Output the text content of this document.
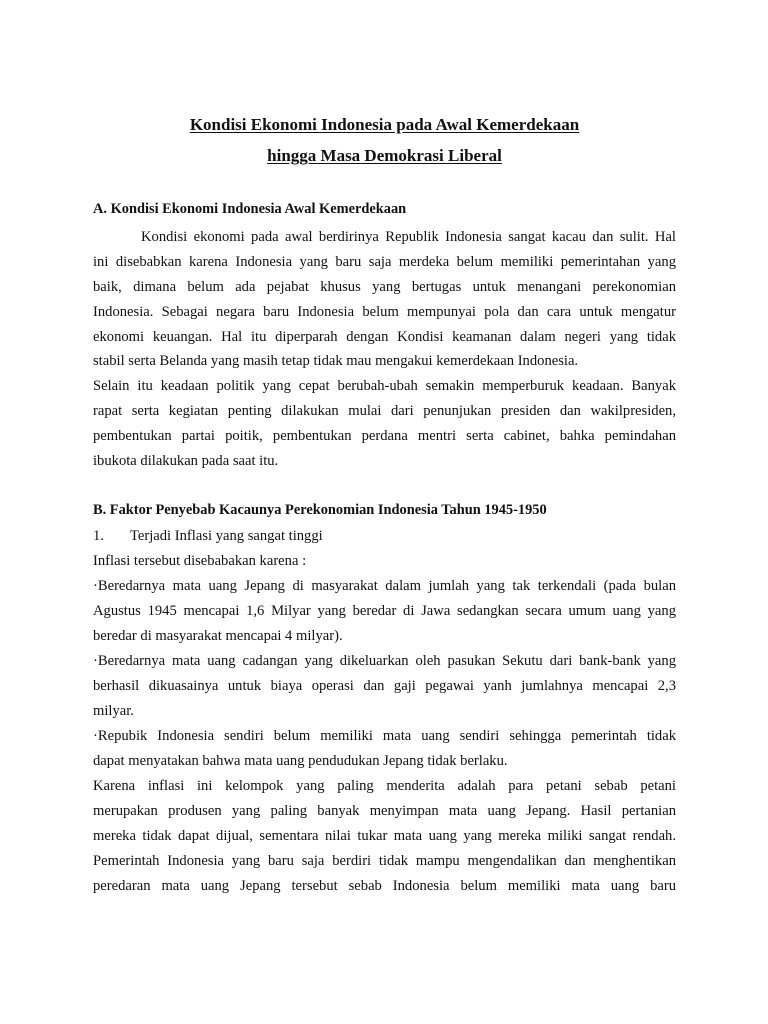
Kondisi Ekonomi Indonesia pada Awal Kemerdekaan
hingga Masa Demokrasi Liberal
A. Kondisi Ekonomi Indonesia Awal Kemerdekaan
Kondisi ekonomi pada awal berdirinya Republik Indonesia sangat kacau dan sulit. Hal
ini disebabkan karena Indonesia yang baru saja merdeka belum memiliki pemerintahan yang
baik, dimana belum ada pejabat khusus yang bertugas untuk menangani perekonomian
Indonesia. Sebagai negara baru Indonesia belum mempunyai pola dan cara untuk mengatur
ekonomi keuangan. Hal itu diperparah dengan Kondisi keamanan dalam negeri yang tidak
stabil serta Belanda yang masih tetap tidak mau mengakui kemerdekaan Indonesia.
Selain itu keadaan politik yang cepat berubah-ubah semakin memperburuk keadaan. Banyak
rapat serta kegiatan penting dilakukan mulai dari penunjukan presiden dan wakilpresiden,
pembentukan partai poitik, pembentukan perdana mentri serta cabinet, bahka pemindahan
ibukota dilakukan pada saat itu.
B. Faktor Penyebab Kacaunya Perekonomian Indonesia Tahun 1945-1950
1. Terjadi Inflasi yang sangat tinggi
Inflasi tersebut disebabakan karena :
·Beredarnya mata uang Jepang di masyarakat dalam jumlah yang tak terkendali (pada bulan
Agustus 1945 mencapai 1,6 Milyar yang beredar di Jawa sedangkan secara umum uang yang
beredar di masyarakat mencapai 4 milyar).
·Beredarnya mata uang cadangan yang dikeluarkan oleh pasukan Sekutu dari bank-bank yang
berhasil dikuasainya untuk biaya operasi dan gaji pegawai yanh jumlahnya mencapai 2,3
milyar.
·Repubik Indonesia sendiri belum memiliki mata uang sendiri sehingga pemerintah tidak
dapat menyatakan bahwa mata uang pendudukan Jepang tidak berlaku.
Karena inflasi ini kelompok yang paling menderita adalah para petani sebab petani
merupakan produsen yang paling banyak menyimpan mata uang Jepang. Hasil pertanian
mereka tidak dapat dijual, sementara nilai tukar mata uang yang mereka miliki sangat rendah.
Pemerintah Indonesia yang baru saja berdiri tidak mampu mengendalikan dan menghentikan
peredaran mata uang Jepang tersebut sebab Indonesia belum memiliki mata uang baru
